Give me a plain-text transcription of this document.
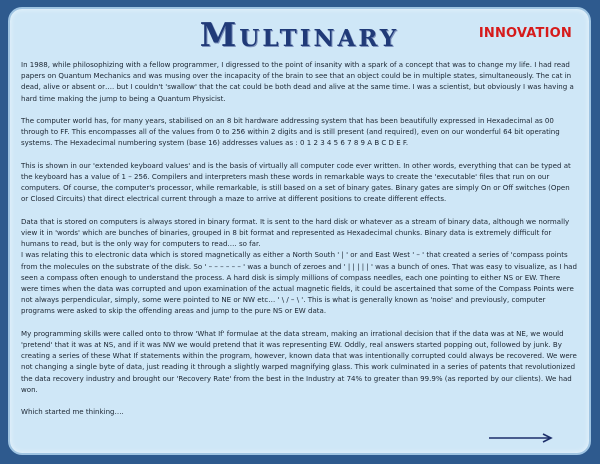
Multinary	INNOVATION

In 1988, while philosophizing with a fellow programmer, I digressed to the point of insanity with a spark of a concept that was to change my life. I had read papers on Quantum Mechanics and was musing over the incapacity of the brain to see that an object could be in multiple states, simultaneously. The cat in dead, alive or absent or…. but I couldn't 'swallow' that the cat could be both dead and alive at the same time. I was a scientist, but obviously I was having a hard time making the jump to being a Quantum Physicist.

The computer world has, for many years, stabilised on an 8 bit hardware addressing system that has been beautifully expressed in Hexadecimal as 00 through to FF. This encompasses all of the values from 0 to 256 within 2 digits and is still present (and required), even on our wonderful 64 bit operating systems. The Hexadecimal numbering system (base 16) addresses values as : 0 1 2 3 4 5 6 7 8 9 A B C D E F.

This is shown in our 'extended keyboard values' and is the basis of virtually all computer code ever written. In other words, everything that can be typed at the keyboard has a value of 1 – 256. Compilers and interpreters mash these words in remarkable ways to create the 'executable' files that run on our computers. Of course, the computer's processor, while remarkable, is still based on a set of binary gates. Binary gates are simply On or Off switches (Open or Closed Circuits) that direct electrical current through a maze to arrive at different positions to create different effects.

Data that is stored on computers is always stored in binary format. It is sent to the hard disk or whatever as a stream of binary data, although we normally view it in 'words' which are bunches of binaries, grouped in 8 bit format and represented as Hexadecimal chunks. Binary data is extremely difficult for humans to read, but is the only way for computers to read…. so far.

I was relating this to electronic data which is stored magnetically as either a North South ' | ' or and East West ' – ' that created a series of 'compass points from the molecules on the substrate of the disk. So ' – – – – – – ' was a bunch of zeroes and ' | | | | | ' was a bunch of ones. That was easy to visualize, as I had seen a compass often enough to understand the process. A hard disk is simply millions of compass needles, each one pointing to either NS or EW. There were times when the data was corrupted and upon examination of the actual magnetic fields, it could be ascertained that some of the Compass Points were not always perpendicular, simply, some were pointed to NE or NW etc… ' \ / – \ '. This is what is generally known as 'noise' and previously, computer programs were asked to skip the offending areas and jump to the pure NS or EW data.

My programming skills were called onto to throw 'What If' formulae at the data stream, making an irrational decision that if the data was at NE, we would 'pretend' that it was at NS, and if it was NW we would pretend that it was representing EW. Oddly, real answers started popping out, followed by junk. By creating a series of these What If statements within the program, however, known data that was intentionally corrupted could always be recovered. We were not changing a single byte of data, just reading it through a slightly warped magnifying glass. This work culminated in a series of patents that revolutionized the data recovery industry and brought our 'Recovery Rate' from the best in the Industry at 74% to greater than 99.9% (as reported by our clients). We had won.

Which started me thinking….
